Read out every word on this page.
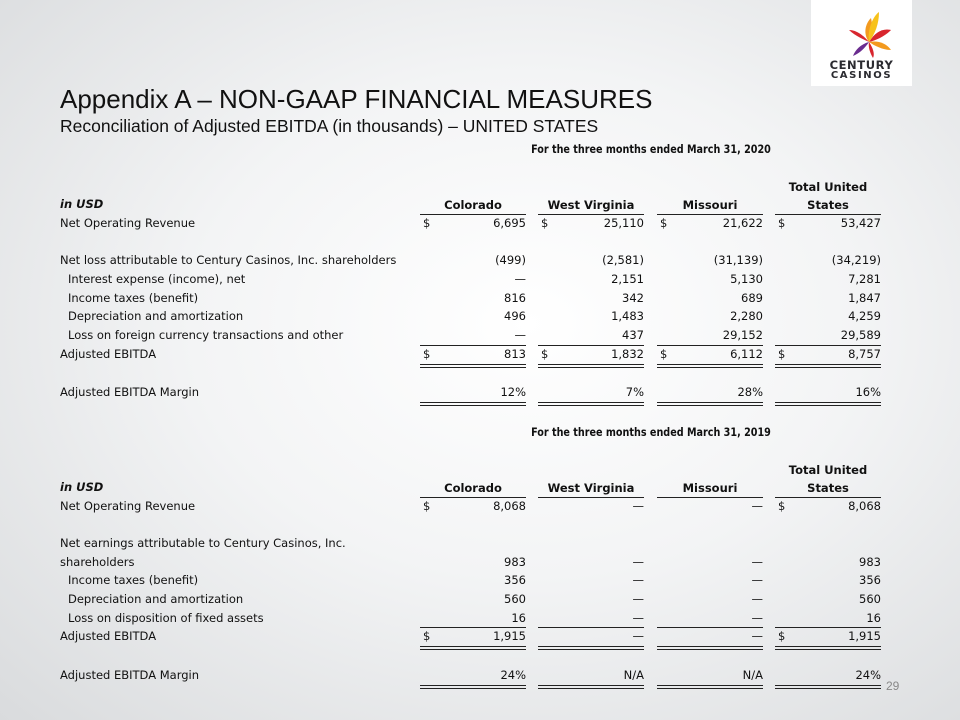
CENTURY
CASINOS
Appendix A – NON-GAAP FINANCIAL MEASURES
Reconciliation of Adjusted EBITDA (in thousands) – UNITED STATES
For the three months ended March 31, 2020
For the three months ended March 31, 2019
in USD	Colorado	West Virginia	Missouri
Total United
States
Net Operating Revenue	$	6,695 $	25,110 $	21,622 $	53,427
Net loss attributable to Century Casinos, Inc. shareholders	(499)	(2,581)	(31,139)	(34,219)
Interest expense (income), net	—	2,151	5,130	7,281
Income taxes (benefit)	816	342	689	1,847
Depreciation and amortization	496	1,483	2,280	4,259
Loss on foreign currency transactions and other	—	437	29,152	29,589
Adjusted EBITDA	$	813 $	1,832 $	6,112 $	8,757
Adjusted EBITDA Margin	12%	7%	28%	16%
in USD	Colorado	West Virginia	Missouri
Total United
States
Net Operating Revenue	$	8,068	—	— $	8,068
Net earnings attributable to Century Casinos, Inc.
shareholders	983	—	—	983
Income taxes (benefit)	356	—	—	356
Depreciation and amortization	560	—	—	560
Loss on disposition of fixed assets	16	—	—	16
Adjusted EBITDA	$	1,915	—	— $	1,915
Adjusted EBITDA Margin	24%	N/A	N/A	24%
29
